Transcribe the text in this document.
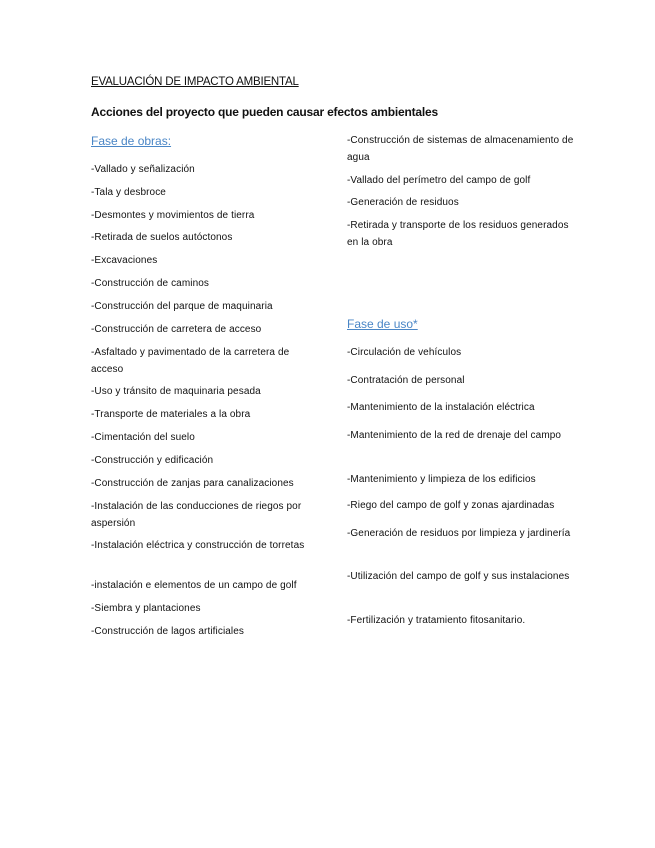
EVALUACIÓN DE IMPACTO AMBIENTAL
Acciones del proyecto que pueden causar efectos ambientales

Fase de obras:

-Vallado y señalización

-Tala y desbroce

-Desmontes y movimientos de tierra

-Retirada de suelos autóctonos

-Excavaciones

-Construcción de caminos

-Construcción del parque de maquinaria

-Construcción de carretera de acceso

-Asfaltado y pavimentado de la carretera de acceso

-Uso y tránsito de maquinaria pesada

-Transporte de materiales a la obra

-Cimentación del suelo

-Construcción y edificación

-Construcción de zanjas para canalizaciones

-Instalación de las conducciones de riegos por aspersión

-Instalación eléctrica y construcción de torretas

-instalación e elementos de un campo de golf

-Siembra y plantaciones

-Construcción de lagos artificiales

-Construcción de sistemas de almacenamiento de agua

-Vallado del perímetro del campo de golf

-Generación de residuos

-Retirada y transporte de los residuos generados en la obra

Fase de uso*

-Circulación de vehículos

-Contratación de personal

-Mantenimiento de la instalación eléctrica

-Mantenimiento de la red de drenaje del campo

-Mantenimiento y limpieza de los edificios

-Riego del campo de golf y zonas ajardinadas

-Generación de residuos por limpieza y jardinería

-Utilización del campo de golf y sus instalaciones

-Fertilización y tratamiento fitosanitario.
